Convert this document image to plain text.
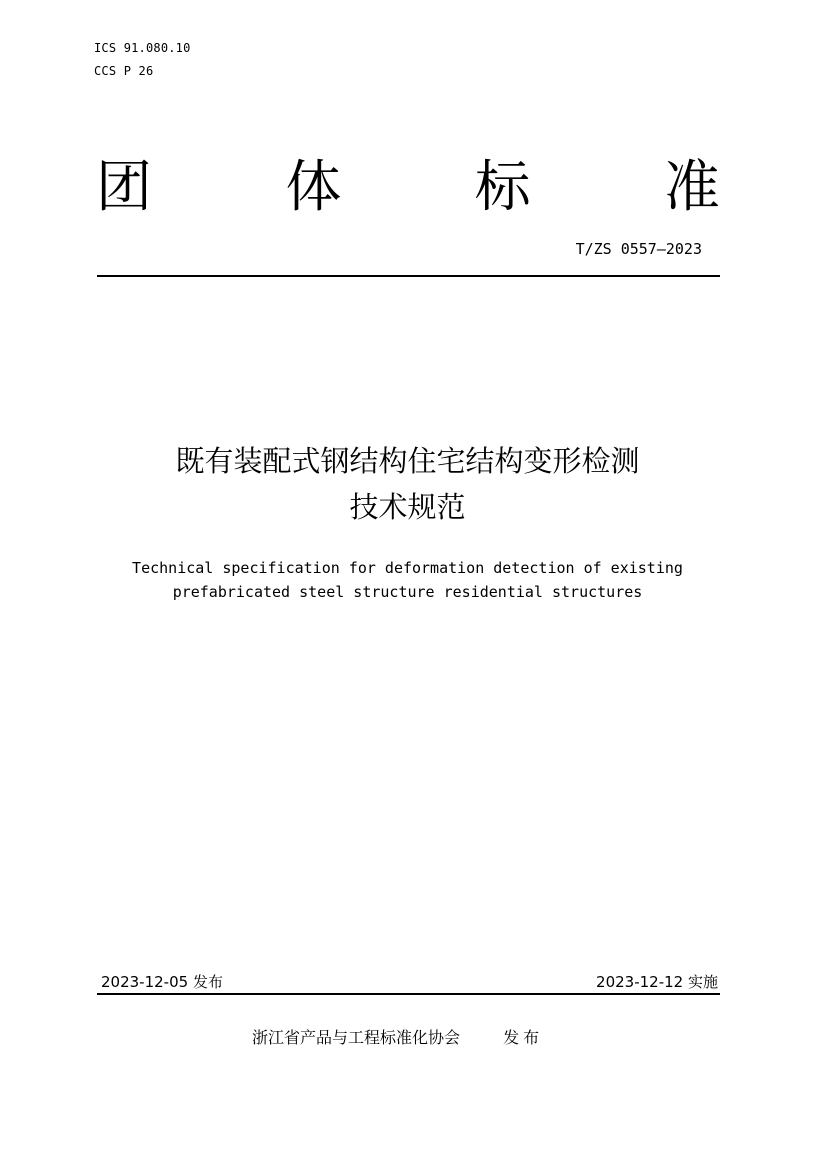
ICS 91.080.10
CCS P 26
团 体 标 准
T/ZS 0557—2023
既有装配式钢结构住宅结构变形检测
技术规范
Technical specification for deformation detection of existing
prefabricated steel structure residential structures
2023-12-05 发布	2023-12-12 实施
浙江省产品与工程标准化协会	发布
